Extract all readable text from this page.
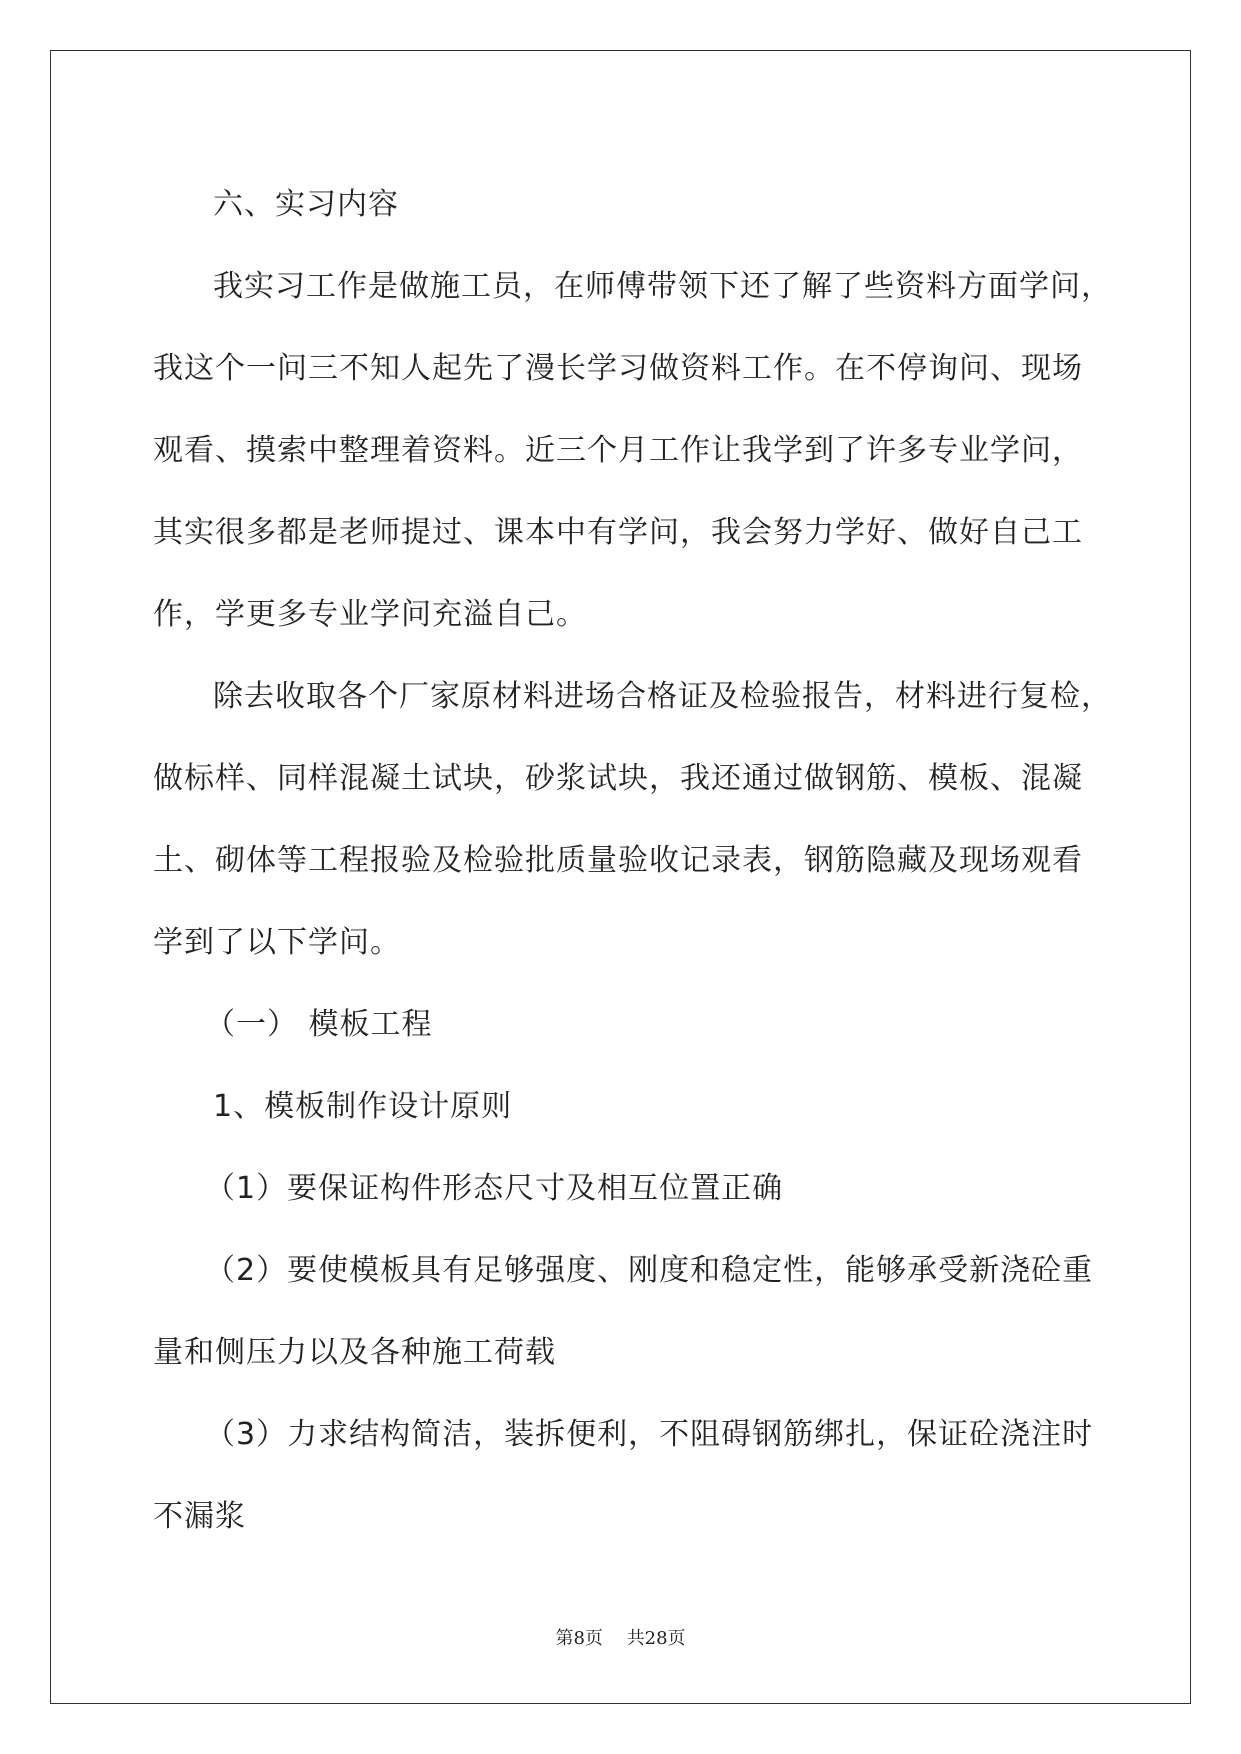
六、实习内容
我实习工作是做施工员，在师傅带领下还了解了些资料方面学问，
我这个一问三不知人起先了漫长学习做资料工作。在不停询问、现场
观看、摸索中整理着资料。近三个月工作让我学到了许多专业学问，
其实很多都是老师提过、课本中有学问，我会努力学好、做好自己工
作，学更多专业学问充溢自己。
除去收取各个厂家原材料进场合格证及检验报告，材料进行复检，
做标样、同样混凝土试块，砂浆试块，我还通过做钢筋、模板、混凝
土、砌体等工程报验及检验批质量验收记录表，钢筋隐藏及现场观看
学到了以下学问。
（一） 模板工程
1、模板制作设计原则
（1）要保证构件形态尺寸及相互位置正确
（2）要使模板具有足够强度、刚度和稳定性，能够承受新浇砼重
量和侧压力以及各种施工荷载
（3）力求结构简洁，装拆便利，不阻碍钢筋绑扎，保证砼浇注时
不漏浆
第8页 共28页
